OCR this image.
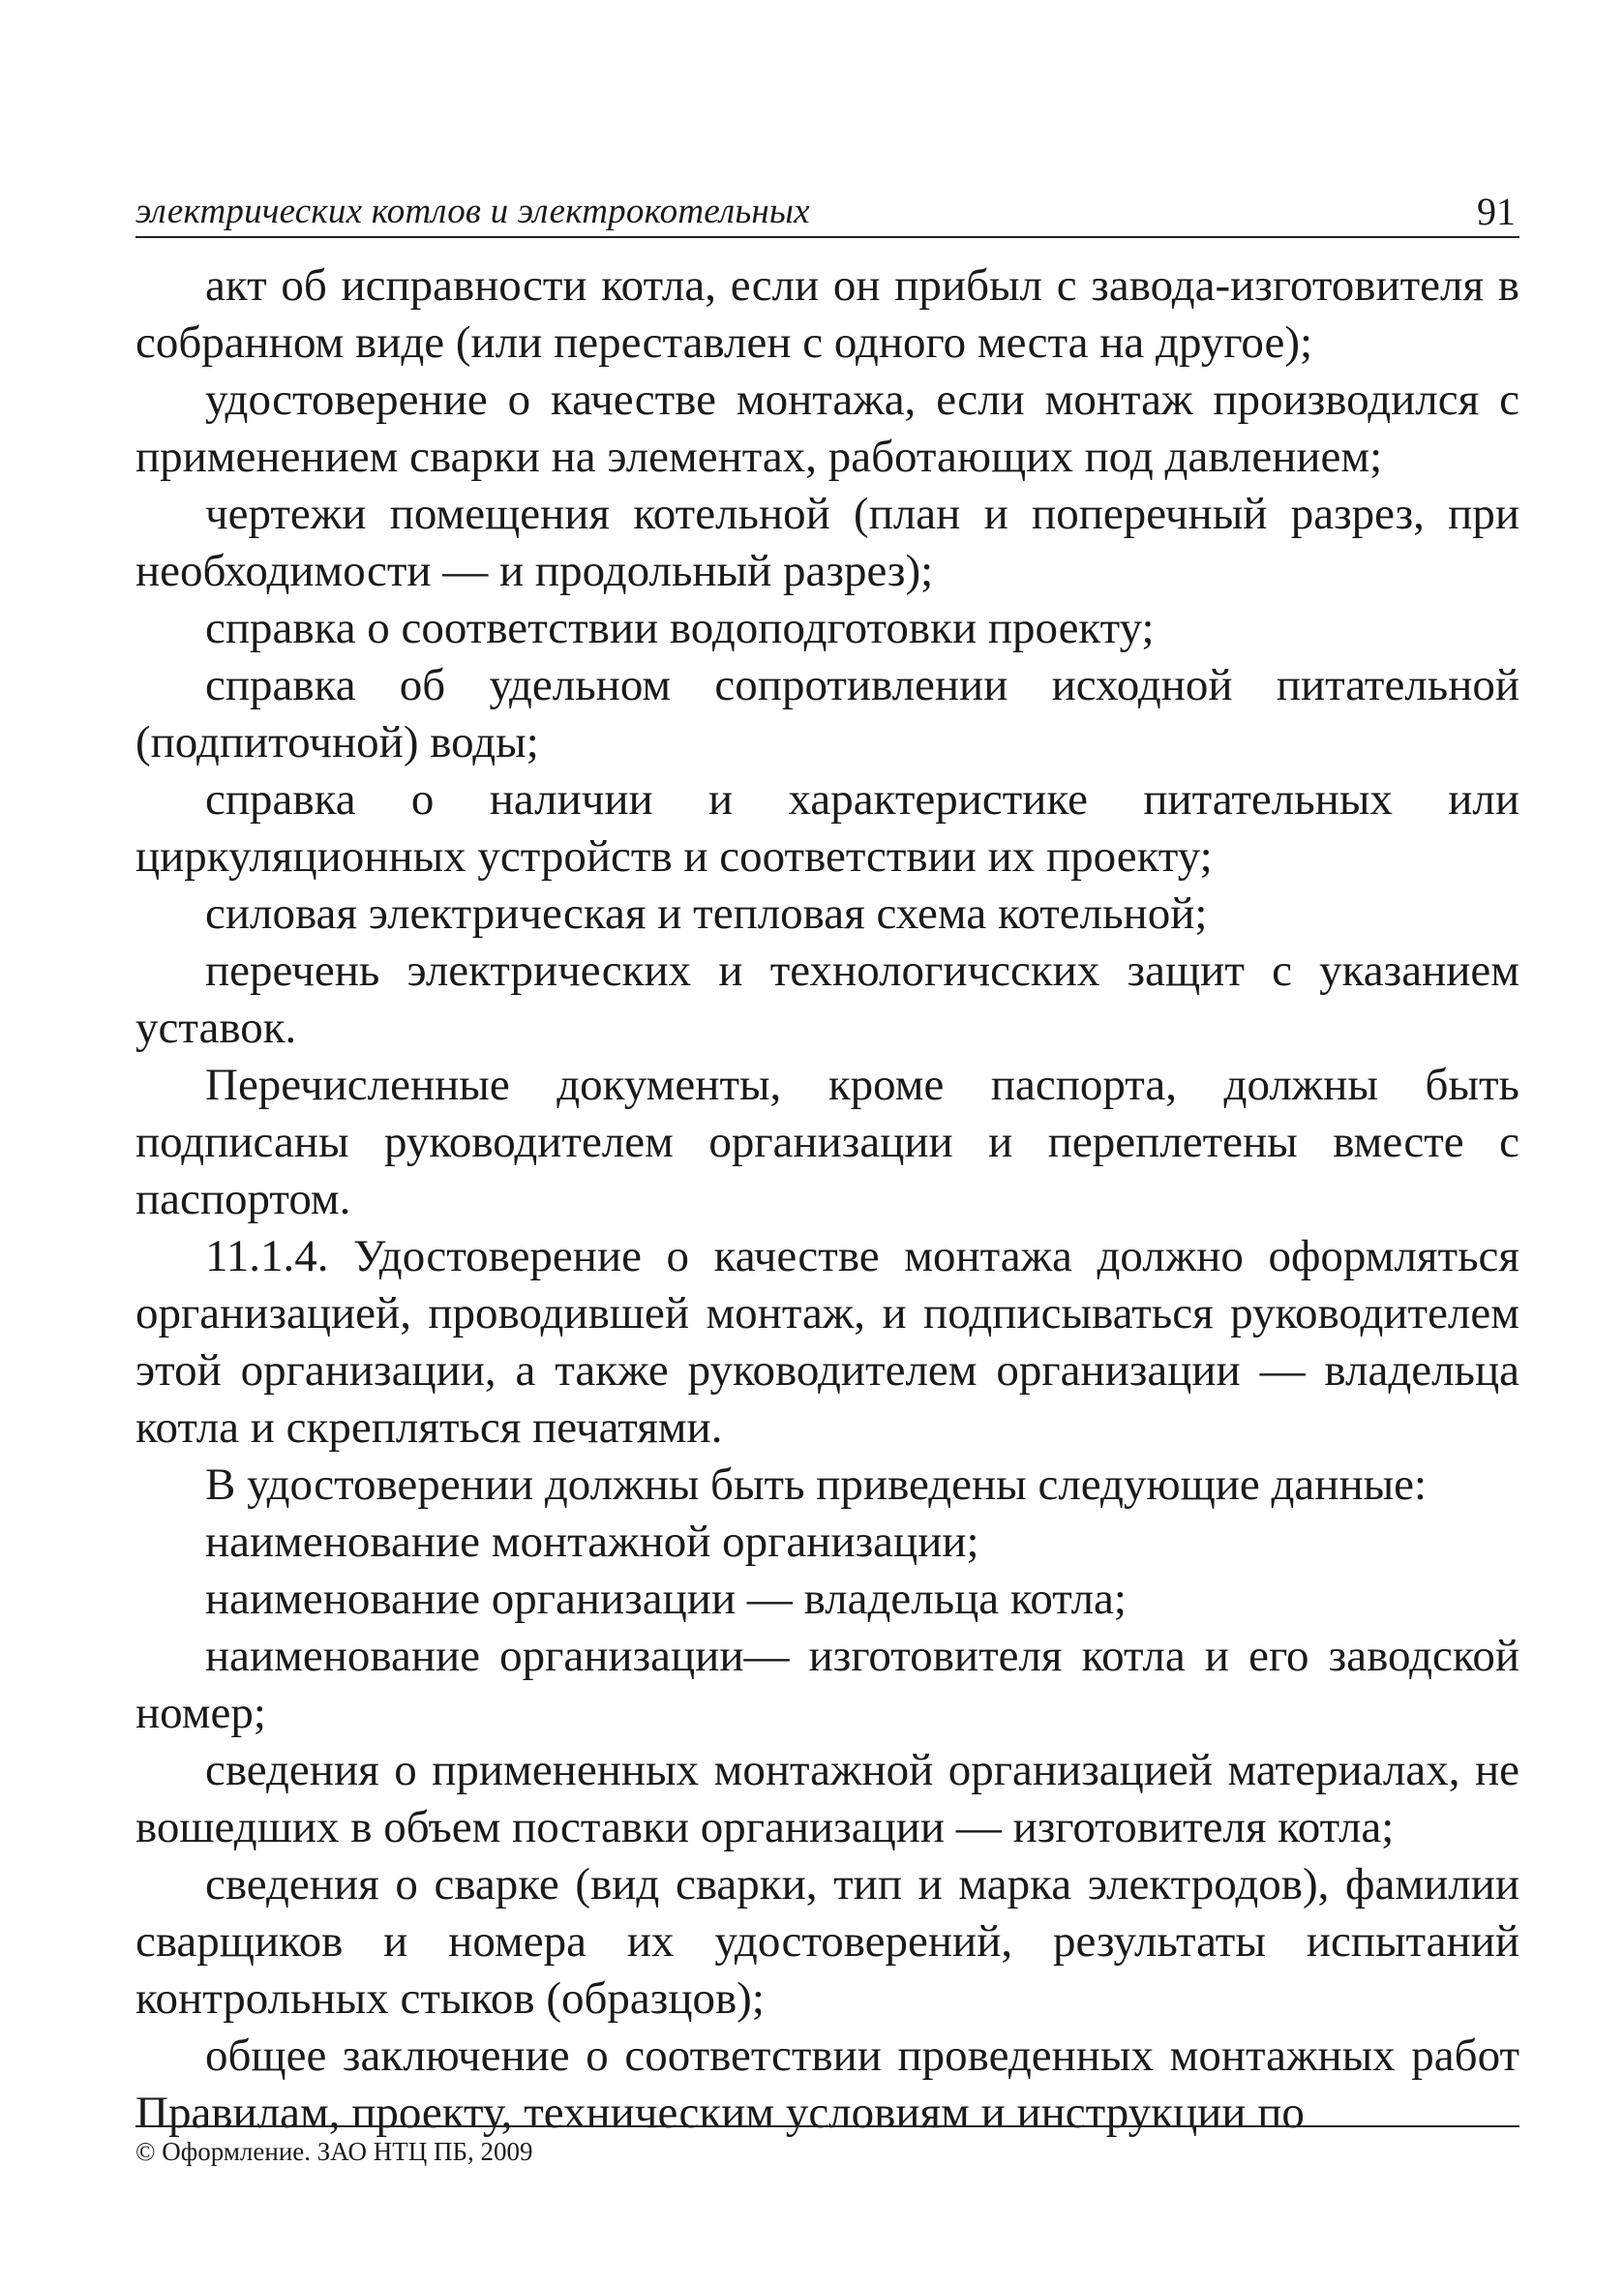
электрических котлов и электрокотельных	91

акт об исправности котла, если он прибыл с завода-изготовителя в собранном виде (или переставлен с одного места на другое);

удостоверение о качестве монтажа, если монтаж производился с применением сварки на элементах, работающих под давлением;

чертежи помещения котельной (план и поперечный разрез, при необходимости — и продольный разрез);

справка о соответствии водоподготовки проекту;

справка об удельном сопротивлении исходной питательной (подпиточной) воды;

справка о наличии и характеристике питательных или циркуляционных устройств и соответствии их проекту;

силовая электрическая и тепловая схема котельной;

перечень электрических и технологичсских защит с указанием уставок.

Перечисленные документы, кроме паспорта, должны быть подписаны руководителем организации и переплетены вместе с паспортом.

11.1.4. Удостоверение о качестве монтажа должно оформляться организацией, проводившей монтаж, и подписываться руководителем этой организации, а также руководителем организации — владельца котла и скрепляться печатями.

В удостоверении должны быть приведены следующие данные:

наименование монтажной организации;

наименование организации — владельца котла;

наименование организации— изготовителя котла и его заводской номер;

сведения о примененных монтажной организацией материалах, не вошедших в объем поставки организации — изготовителя котла;

сведения о сварке (вид сварки, тип и марка электродов), фамилии сварщиков и номера их удостоверений, результаты испытаний контрольных стыков (образцов);

общее заключение о соответствии проведенных монтажных работ Правилам, проекту, техническим условиям и инструкции по

© Оформление. ЗАО НТЦ ПБ, 2009
